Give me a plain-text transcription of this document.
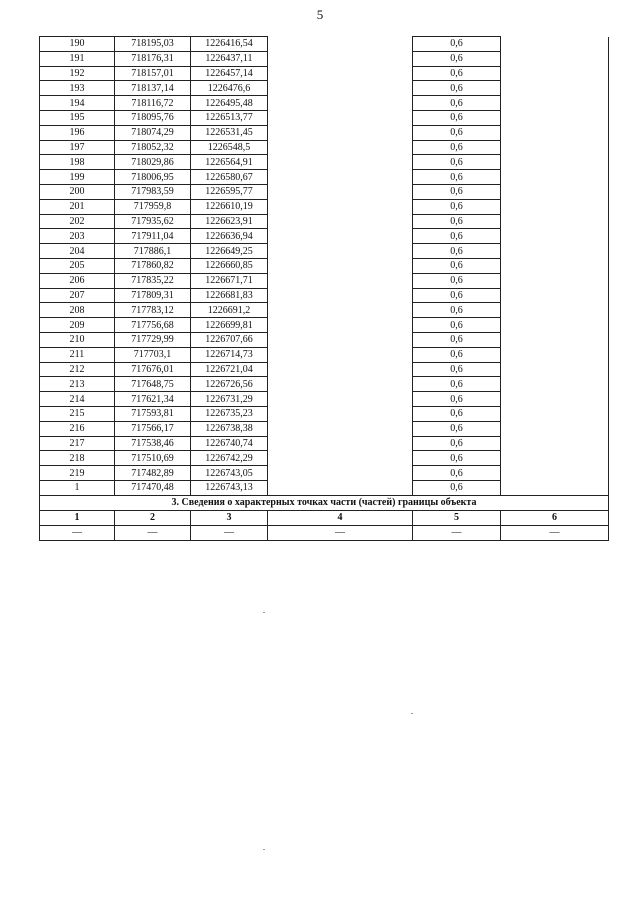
5
190	718195,03	1226416,54		0,6	
191	718176,31	1226437,11		0,6	
192	718157,01	1226457,14		0,6	
193	718137,14	1226476,6		0,6	
194	718116,72	1226495,48		0,6	
195	718095,76	1226513,77		0,6	
196	718074,29	1226531,45		0,6	
197	718052,32	1226548,5		0,6	
198	718029,86	1226564,91		0,6	
199	718006,95	1226580,67		0,6	
200	717983,59	1226595,77		0,6	
201	717959,8	1226610,19		0,6	
202	717935,62	1226623,91		0,6	
203	717911,04	1226636,94		0,6	
204	717886,1	1226649,25		0,6	
205	717860,82	1226660,85		0,6	
206	717835,22	1226671,71		0,6	
207	717809,31	1226681,83		0,6	
208	717783,12	1226691,2		0,6	
209	717756,68	1226699,81		0,6	
210	717729,99	1226707,66		0,6	
211	717703,1	1226714,73		0,6	
212	717676,01	1226721,04		0,6	
213	717648,75	1226726,56		0,6	
214	717621,34	1226731,29		0,6	
215	717593,81	1226735,23		0,6	
216	717566,17	1226738,38		0,6	
217	717538,46	1226740,74		0,6	
218	717510,69	1226742,29		0,6	
219	717482,89	1226743,05		0,6	
1	717470,48	1226743,13		0,6	
3. Сведения о характерных точках части (частей) границы объекта					
1	2	3	4	5	6
—	—	—	—	—	—
